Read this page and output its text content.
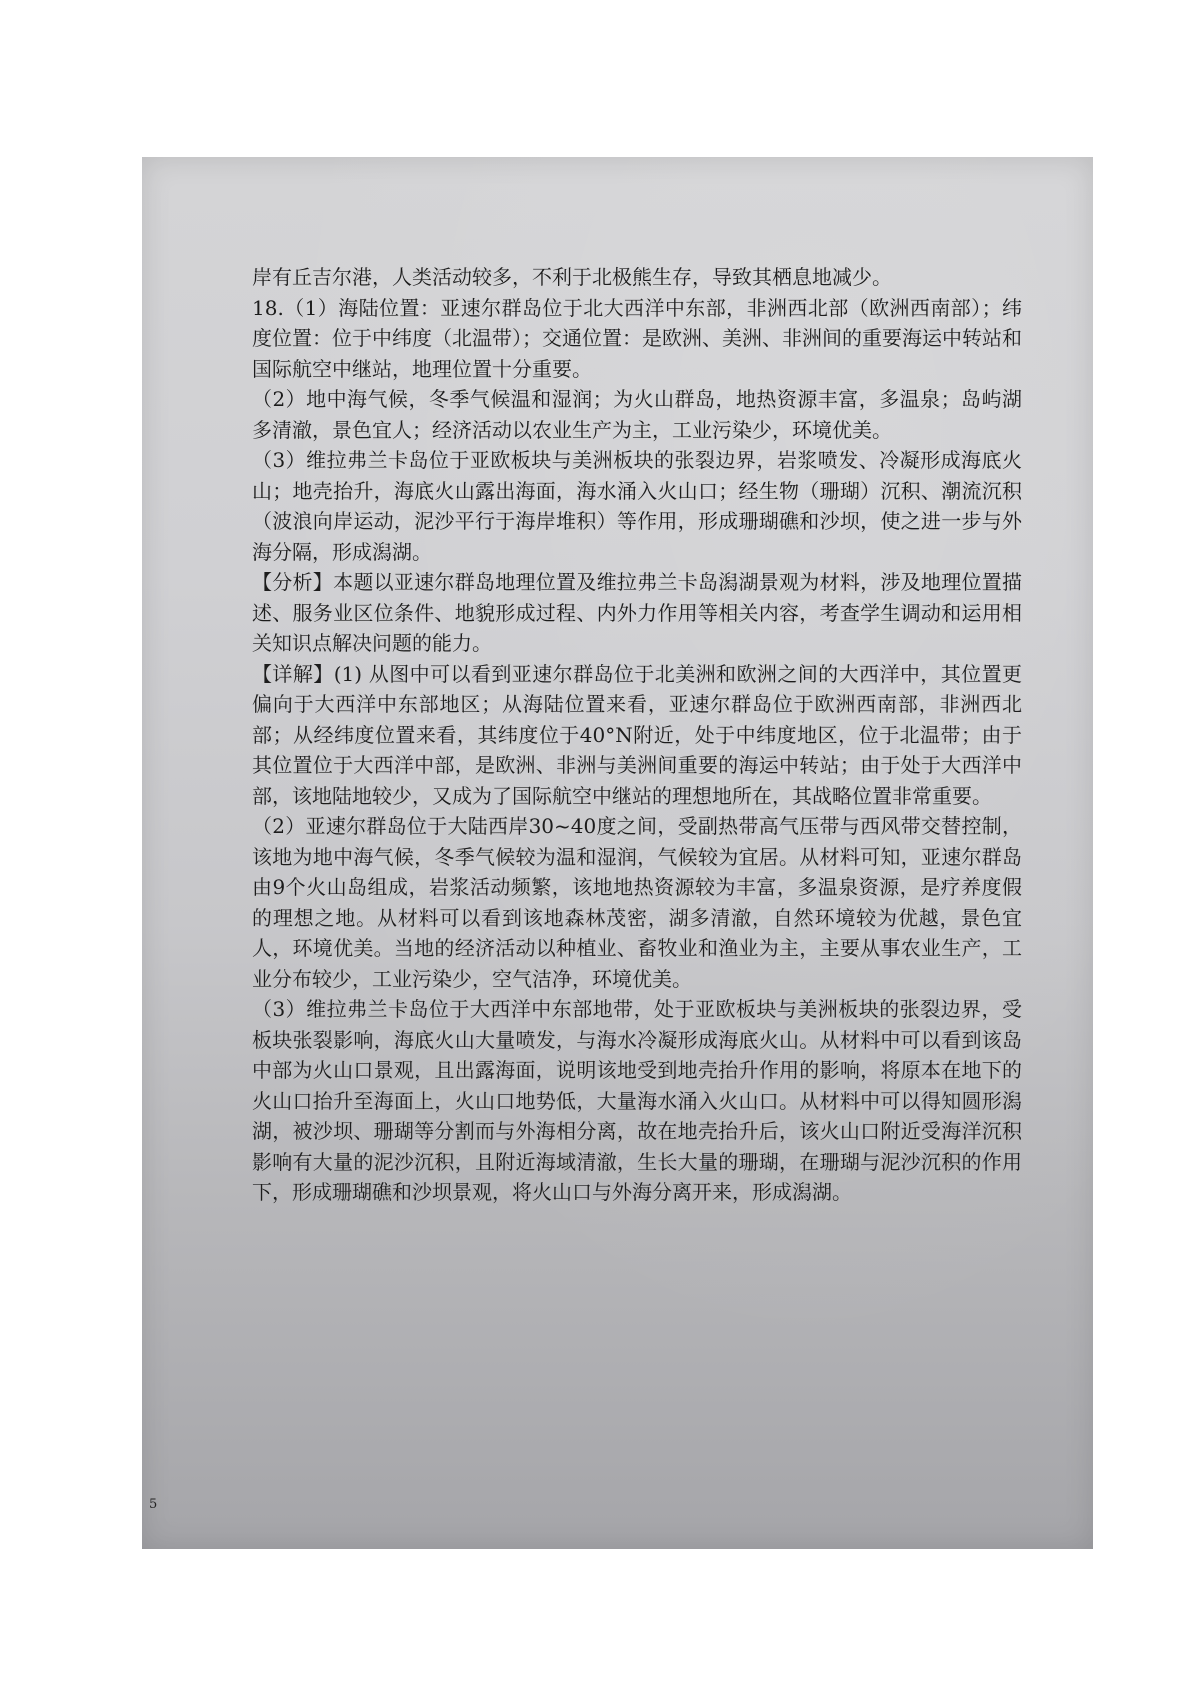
岸有丘吉尔港，人类活动较多，不利于北极熊生存，导致其栖息地减少。

18.（1）海陆位置：亚速尔群岛位于北大西洋中东部，非洲西北部（欧洲西南部）；纬度位置：位于中纬度（北温带）；交通位置：是欧洲、美洲、非洲间的重要海运中转站和国际航空中继站，地理位置十分重要。

（2）地中海气候，冬季气候温和湿润；为火山群岛，地热资源丰富，多温泉；岛屿湖多清澈，景色宜人；经济活动以农业生产为主，工业污染少，环境优美。

（3）维拉弗兰卡岛位于亚欧板块与美洲板块的张裂边界，岩浆喷发、冷凝形成海底火山；地壳抬升，海底火山露出海面，海水涌入火山口；经生物（珊瑚）沉积、潮流沉积（波浪向岸运动，泥沙平行于海岸堆积）等作用，形成珊瑚礁和沙坝，使之进一步与外海分隔，形成潟湖。

【分析】本题以亚速尔群岛地理位置及维拉弗兰卡岛潟湖景观为材料，涉及地理位置描述、服务业区位条件、地貌形成过程、内外力作用等相关内容，考查学生调动和运用相关知识点解决问题的能力。

【详解】(1) 从图中可以看到亚速尔群岛位于北美洲和欧洲之间的大西洋中，其位置更偏向于大西洋中东部地区；从海陆位置来看，亚速尔群岛位于欧洲西南部，非洲西北部；从经纬度位置来看，其纬度位于40°N附近，处于中纬度地区，位于北温带；由于其位置位于大西洋中部，是欧洲、非洲与美洲间重要的海运中转站；由于处于大西洋中部，该地陆地较少，又成为了国际航空中继站的理想地所在，其战略位置非常重要。

（2）亚速尔群岛位于大陆西岸30~40度之间，受副热带高气压带与西风带交替控制，该地为地中海气候，冬季气候较为温和湿润，气候较为宜居。从材料可知，亚速尔群岛由9个火山岛组成，岩浆活动频繁，该地地热资源较为丰富，多温泉资源，是疗养度假的理想之地。从材料可以看到该地森林茂密，湖多清澈，自然环境较为优越，景色宜人，环境优美。当地的经济活动以种植业、畜牧业和渔业为主，主要从事农业生产，工业分布较少，工业污染少，空气洁净，环境优美。

（3）维拉弗兰卡岛位于大西洋中东部地带，处于亚欧板块与美洲板块的张裂边界，受板块张裂影响，海底火山大量喷发，与海水冷凝形成海底火山。从材料中可以看到该岛中部为火山口景观，且出露海面，说明该地受到地壳抬升作用的影响，将原本在地下的火山口抬升至海面上，火山口地势低，大量海水涌入火山口。从材料中可以得知圆形潟湖，被沙坝、珊瑚等分割而与外海相分离，故在地壳抬升后，该火山口附近受海洋沉积影响有大量的泥沙沉积，且附近海域清澈，生长大量的珊瑚，在珊瑚与泥沙沉积的作用下，形成珊瑚礁和沙坝景观，将火山口与外海分离开来，形成潟湖。

5
